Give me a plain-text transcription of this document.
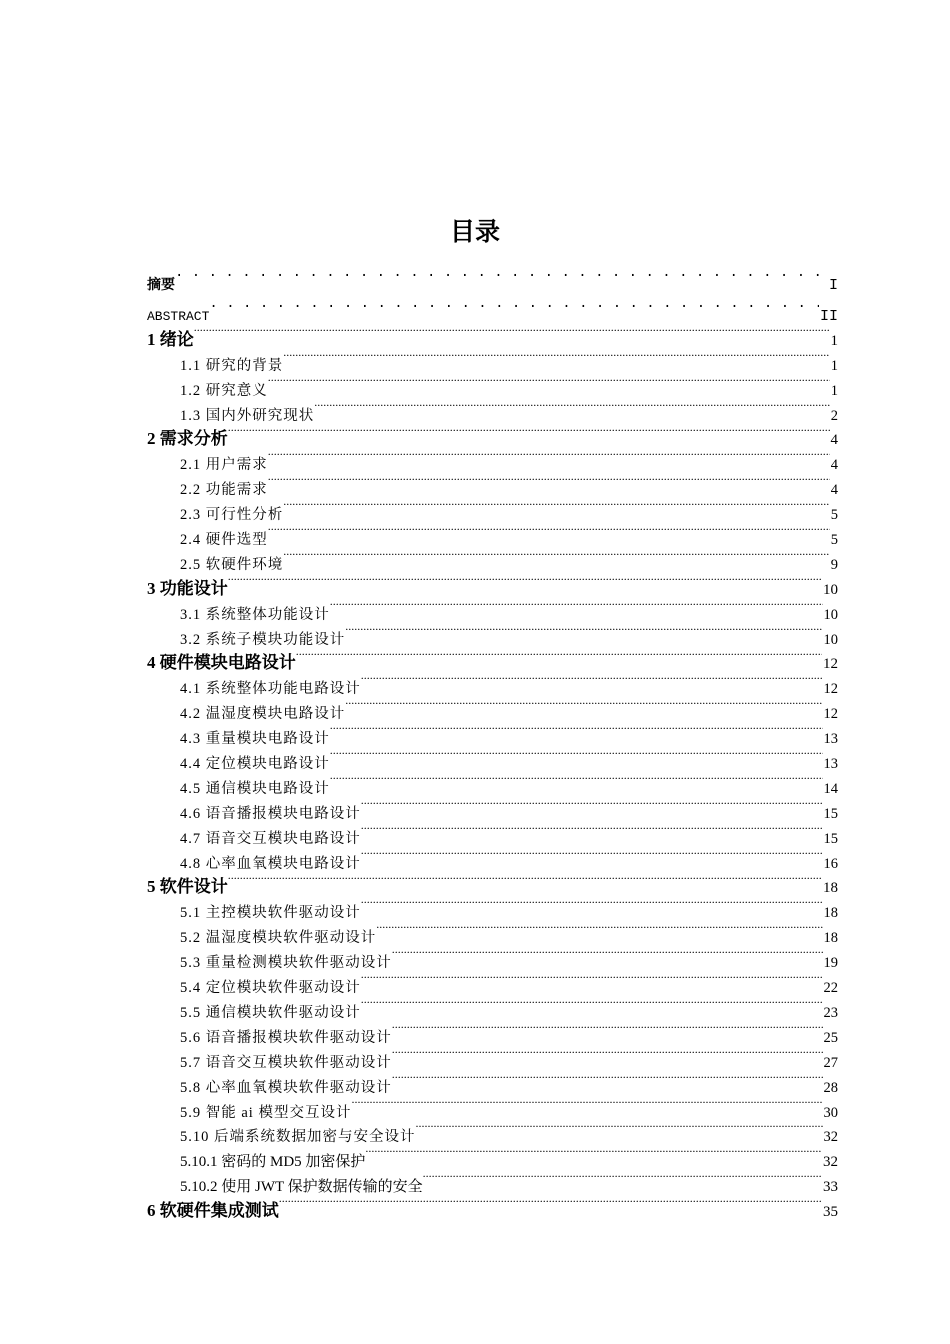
目录
摘要 . . .	I
ABSTRACT . . .	II
1 绪论 .....	1
1.1 研究的背景 .....	1
1.2 研究意义 .....	1
1.3 国内外研究现状 .....	2
2 需求分析 .....	4
2.1 用户需求 .....	4
2.2 功能需求 .....	4
2.3 可行性分析 .....	5
2.4 硬件选型 .....	5
2.5 软硬件环境 .....	9
3 功能设计 .....	10
3.1 系统整体功能设计 .....	10
3.2 系统子模块功能设计 .....	10
4 硬件模块电路设计 .....	12
4.1 系统整体功能电路设计 .....	12
4.2 温湿度模块电路设计 .....	12
4.3 重量模块电路设计 .....	13
4.4 定位模块电路设计 .....	13
4.5 通信模块电路设计 .....	14
4.6 语音播报模块电路设计 .....	15
4.7 语音交互模块电路设计 .....	15
4.8 心率血氧模块电路设计 .....	16
5 软件设计 .....	18
5.1 主控模块软件驱动设计 .....	18
5.2 温湿度模块软件驱动设计 .....	18
5.3 重量检测模块软件驱动设计 .....	19
5.4 定位模块软件驱动设计 .....	22
5.5 通信模块软件驱动设计 .....	23
5.6 语音播报模块软件驱动设计 .....	25
5.7 语音交互模块软件驱动设计 .....	27
5.8 心率血氧模块软件驱动设计 .....	28
5.9 智能 ai 模型交互设计 .....	30
5.10 后端系统数据加密与安全设计 .....	32
5.10.1 密码的 MD5 加密保护 .....	32
5.10.2 使用 JWT 保护数据传输的安全 .....	33
6 软硬件集成测试 .....	35
